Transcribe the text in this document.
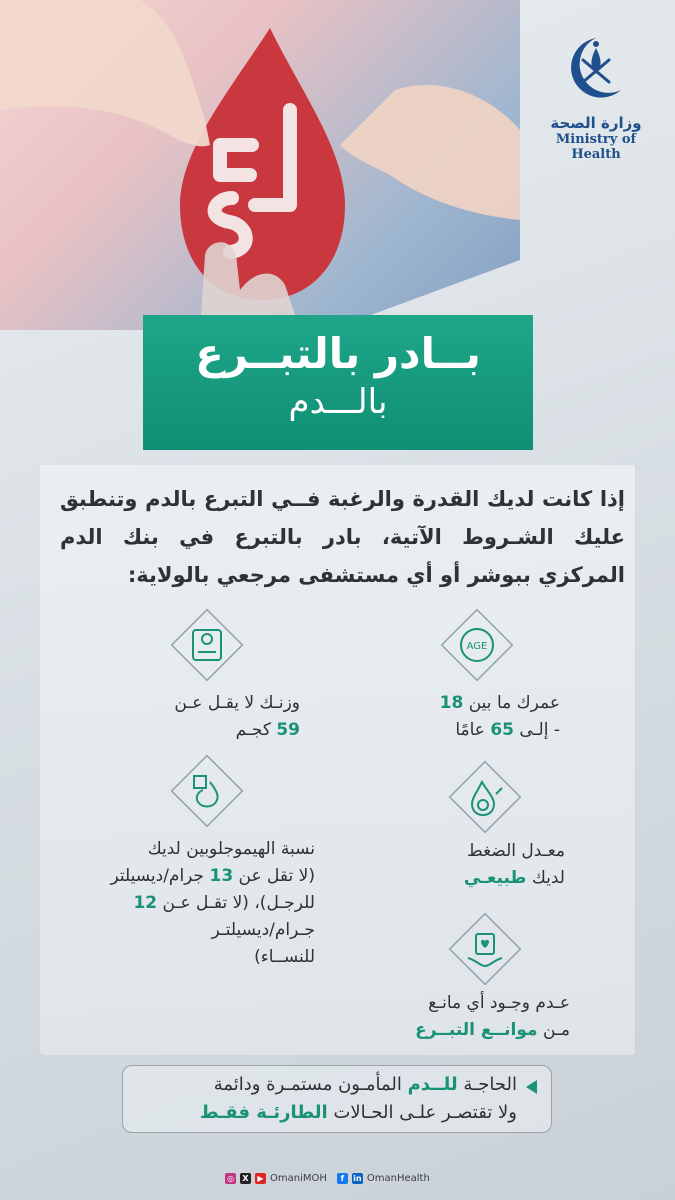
وزارة الصحة
Ministry of Health
بــادر بالتبــرع
بالـــدم
إذا كانت لديك القدرة والرغبة فــي التبرع بالدم وتنطبق عليك الشـروط الآتية، بادر بالتبرع في بنك الدم المركزي ببوشر أو أي مستشفى مرجعي بالولاية:
AGE
عمرك ما بين 18
- إلـى 65 عامًا
وزنـك لا يقـل عـن
59 كجـم
نسبة الهيموجلوبين لديك
(لا تقل عن 13 جرام/ديسيلتر
للرجـل)، (لا تقـل عـن 12
جـرام/ديسيلتـر
للنســاء)
معـدل الضغط
لديك طبيعـي
عـدم وجـود أي مانـع
مـن موانــع التبــرع
الحاجـة للــدم المأمـون مستمـرة ودائمة
ولا تقتصـر علـى الحـالات الطارئـة فقـط
◎	X	▶ OmaniMOH	f	in OmanHealth
